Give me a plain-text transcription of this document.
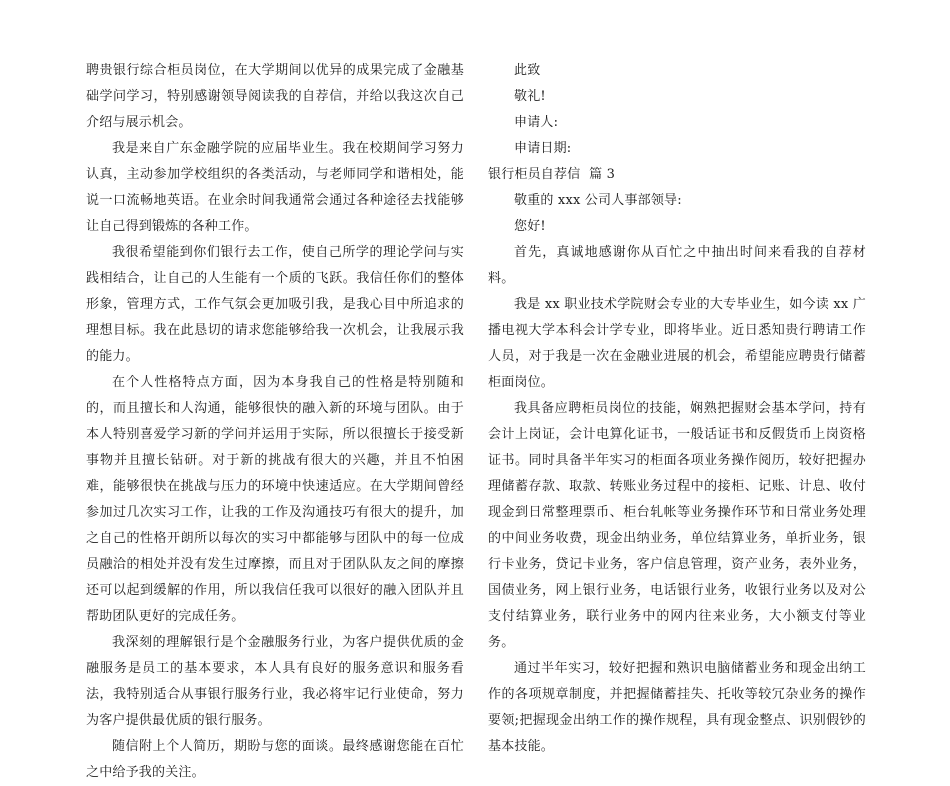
聘贵银行综合柜员岗位，在大学期间以优异的成果完成了金融基础学问学习，特别感谢领导阅读我的自荐信，并给以我这次自己介绍与展示机会。

我是来自广东金融学院的应届毕业生。我在校期间学习努力认真，主动参加学校组织的各类活动，与老师同学和谐相处，能说一口流畅地英语。在业余时间我通常会通过各种途径去找能够让自己得到锻炼的各种工作。

我很希望能到你们银行去工作，使自己所学的理论学问与实践相结合，让自己的人生能有一个质的飞跃。我信任你们的整体形象，管理方式，工作气氛会更加吸引我，是我心目中所追求的理想目标。我在此恳切的请求您能够给我一次机会，让我展示我的能力。

在个人性格特点方面，因为本身我自己的性格是特别随和的，而且擅长和人沟通，能够很快的融入新的环境与团队。由于本人特别喜爱学习新的学问并运用于实际，所以很擅长于接受新事物并且擅长钻研。对于新的挑战有很大的兴趣，并且不怕困难，能够很快在挑战与压力的环境中快速适应。在大学期间曾经参加过几次实习工作，让我的工作及沟通技巧有很大的提升，加之自己的性格开朗所以每次的实习中都能够与团队中的每一位成员融洽的相处并没有发生过摩擦，而且对于团队队友之间的摩擦还可以起到缓解的作用，所以我信任我可以很好的融入团队并且帮助团队更好的完成任务。

我深刻的理解银行是个金融服务行业，为客户提供优质的金融服务是员工的基本要求，本人具有良好的服务意识和服务看法，我特别适合从事银行服务行业，我必将牢记行业使命，努力为客户提供最优质的银行服务。

随信附上个人简历，期盼与您的面谈。最终感谢您能在百忙之中给予我的关注。

此致

敬礼!

申请人:

申请日期:

银行柜员自荐信  篇 3

敬重的 xxx 公司人事部领导:

您好!

首先，真诚地感谢你从百忙之中抽出时间来看我的自荐材料。

我是 xx 职业技术学院财会专业的大专毕业生，如今读 xx 广播电视大学本科会计学专业，即将毕业。近日悉知贵行聘请工作人员，对于我是一次在金融业进展的机会，希望能应聘贵行储蓄柜面岗位。

我具备应聘柜员岗位的技能，娴熟把握财会基本学问，持有会计上岗证，会计电算化证书，一般话证书和反假货币上岗资格证书。同时具备半年实习的柜面各项业务操作阅历，较好把握办理储蓄存款、取款、转账业务过程中的接柜、记账、计息、收付现金到日常整理票币、柜台轧帐等业务操作环节和日常业务处理的中间业务收费，现金出纳业务，单位结算业务，单折业务，银行卡业务，贷记卡业务，客户信息管理，资产业务，表外业务，国债业务，网上银行业务，电话银行业务，收银行业务以及对公支付结算业务，联行业务中的网内往来业务，大小额支付等业务。

通过半年实习，较好把握和熟识电脑储蓄业务和现金出纳工作的各项规章制度，并把握储蓄挂失、托收等较冗杂业务的操作要领;把握现金出纳工作的操作规程，具有现金整点、识别假钞的基本技能。
